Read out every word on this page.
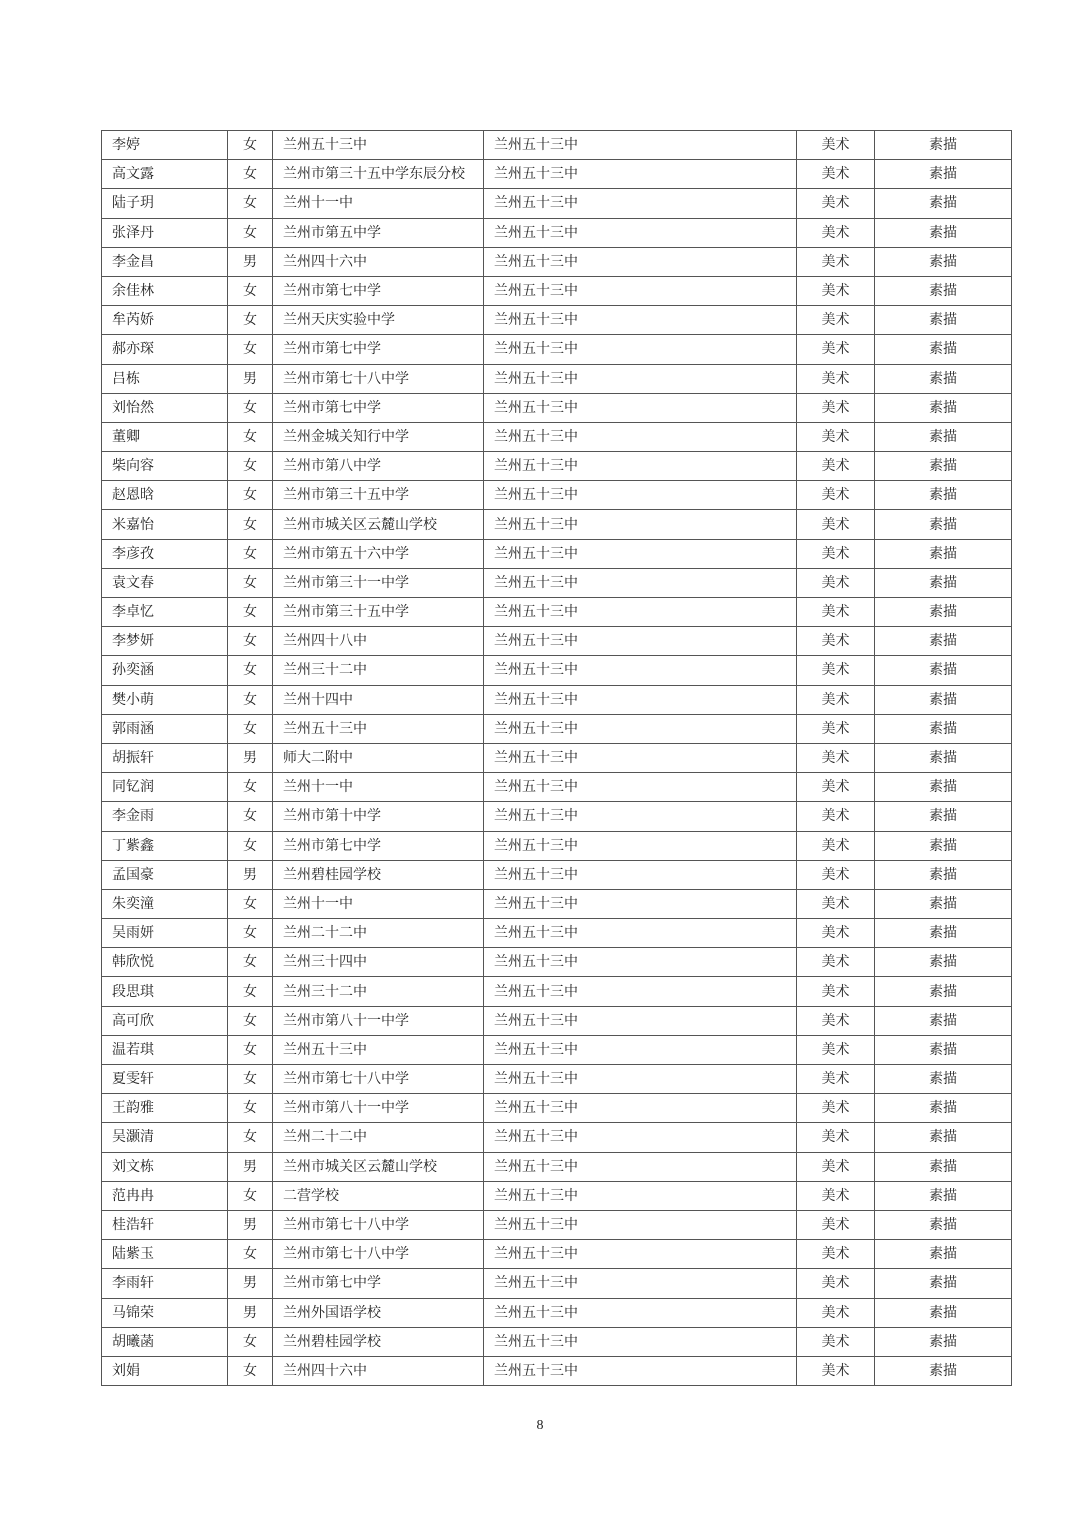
李婷	女	兰州五十三中	兰州五十三中	美术	素描
高文露	女	兰州市第三十五中学东辰分校	兰州五十三中	美术	素描
陆子玥	女	兰州十一中	兰州五十三中	美术	素描
张泽丹	女	兰州市第五中学	兰州五十三中	美术	素描
李金昌	男	兰州四十六中	兰州五十三中	美术	素描
余佳林	女	兰州市第七中学	兰州五十三中	美术	素描
牟芮娇	女	兰州天庆实验中学	兰州五十三中	美术	素描
郝亦琛	女	兰州市第七中学	兰州五十三中	美术	素描
吕栋	男	兰州市第七十八中学	兰州五十三中	美术	素描
刘怡然	女	兰州市第七中学	兰州五十三中	美术	素描
董卿	女	兰州金城关知行中学	兰州五十三中	美术	素描
柴向容	女	兰州市第八中学	兰州五十三中	美术	素描
赵恩晗	女	兰州市第三十五中学	兰州五十三中	美术	素描
米嘉怡	女	兰州市城关区云麓山学校	兰州五十三中	美术	素描
李彦孜	女	兰州市第五十六中学	兰州五十三中	美术	素描
袁文春	女	兰州市第三十一中学	兰州五十三中	美术	素描
李卓忆	女	兰州市第三十五中学	兰州五十三中	美术	素描
李梦妍	女	兰州四十八中	兰州五十三中	美术	素描
孙奕涵	女	兰州三十二中	兰州五十三中	美术	素描
樊小萌	女	兰州十四中	兰州五十三中	美术	素描
郭雨涵	女	兰州五十三中	兰州五十三中	美术	素描
胡振轩	男	师大二附中	兰州五十三中	美术	素描
同钇润	女	兰州十一中	兰州五十三中	美术	素描
李金雨	女	兰州市第十中学	兰州五十三中	美术	素描
丁紫鑫	女	兰州市第七中学	兰州五十三中	美术	素描
孟国豪	男	兰州碧桂园学校	兰州五十三中	美术	素描
朱奕潼	女	兰州十一中	兰州五十三中	美术	素描
吴雨妍	女	兰州二十二中	兰州五十三中	美术	素描
韩欣悦	女	兰州三十四中	兰州五十三中	美术	素描
段思琪	女	兰州三十二中	兰州五十三中	美术	素描
高可欣	女	兰州市第八十一中学	兰州五十三中	美术	素描
温若琪	女	兰州五十三中	兰州五十三中	美术	素描
夏雯轩	女	兰州市第七十八中学	兰州五十三中	美术	素描
王韵雅	女	兰州市第八十一中学	兰州五十三中	美术	素描
吴灏清	女	兰州二十二中	兰州五十三中	美术	素描
刘文栋	男	兰州市城关区云麓山学校	兰州五十三中	美术	素描
范冉冉	女	二营学校	兰州五十三中	美术	素描
桂浩轩	男	兰州市第七十八中学	兰州五十三中	美术	素描
陆紫玉	女	兰州市第七十八中学	兰州五十三中	美术	素描
李雨轩	男	兰州市第七中学	兰州五十三中	美术	素描
马锦荣	男	兰州外国语学校	兰州五十三中	美术	素描
胡曦菡	女	兰州碧桂园学校	兰州五十三中	美术	素描
刘娟	女	兰州四十六中	兰州五十三中	美术	素描
8
